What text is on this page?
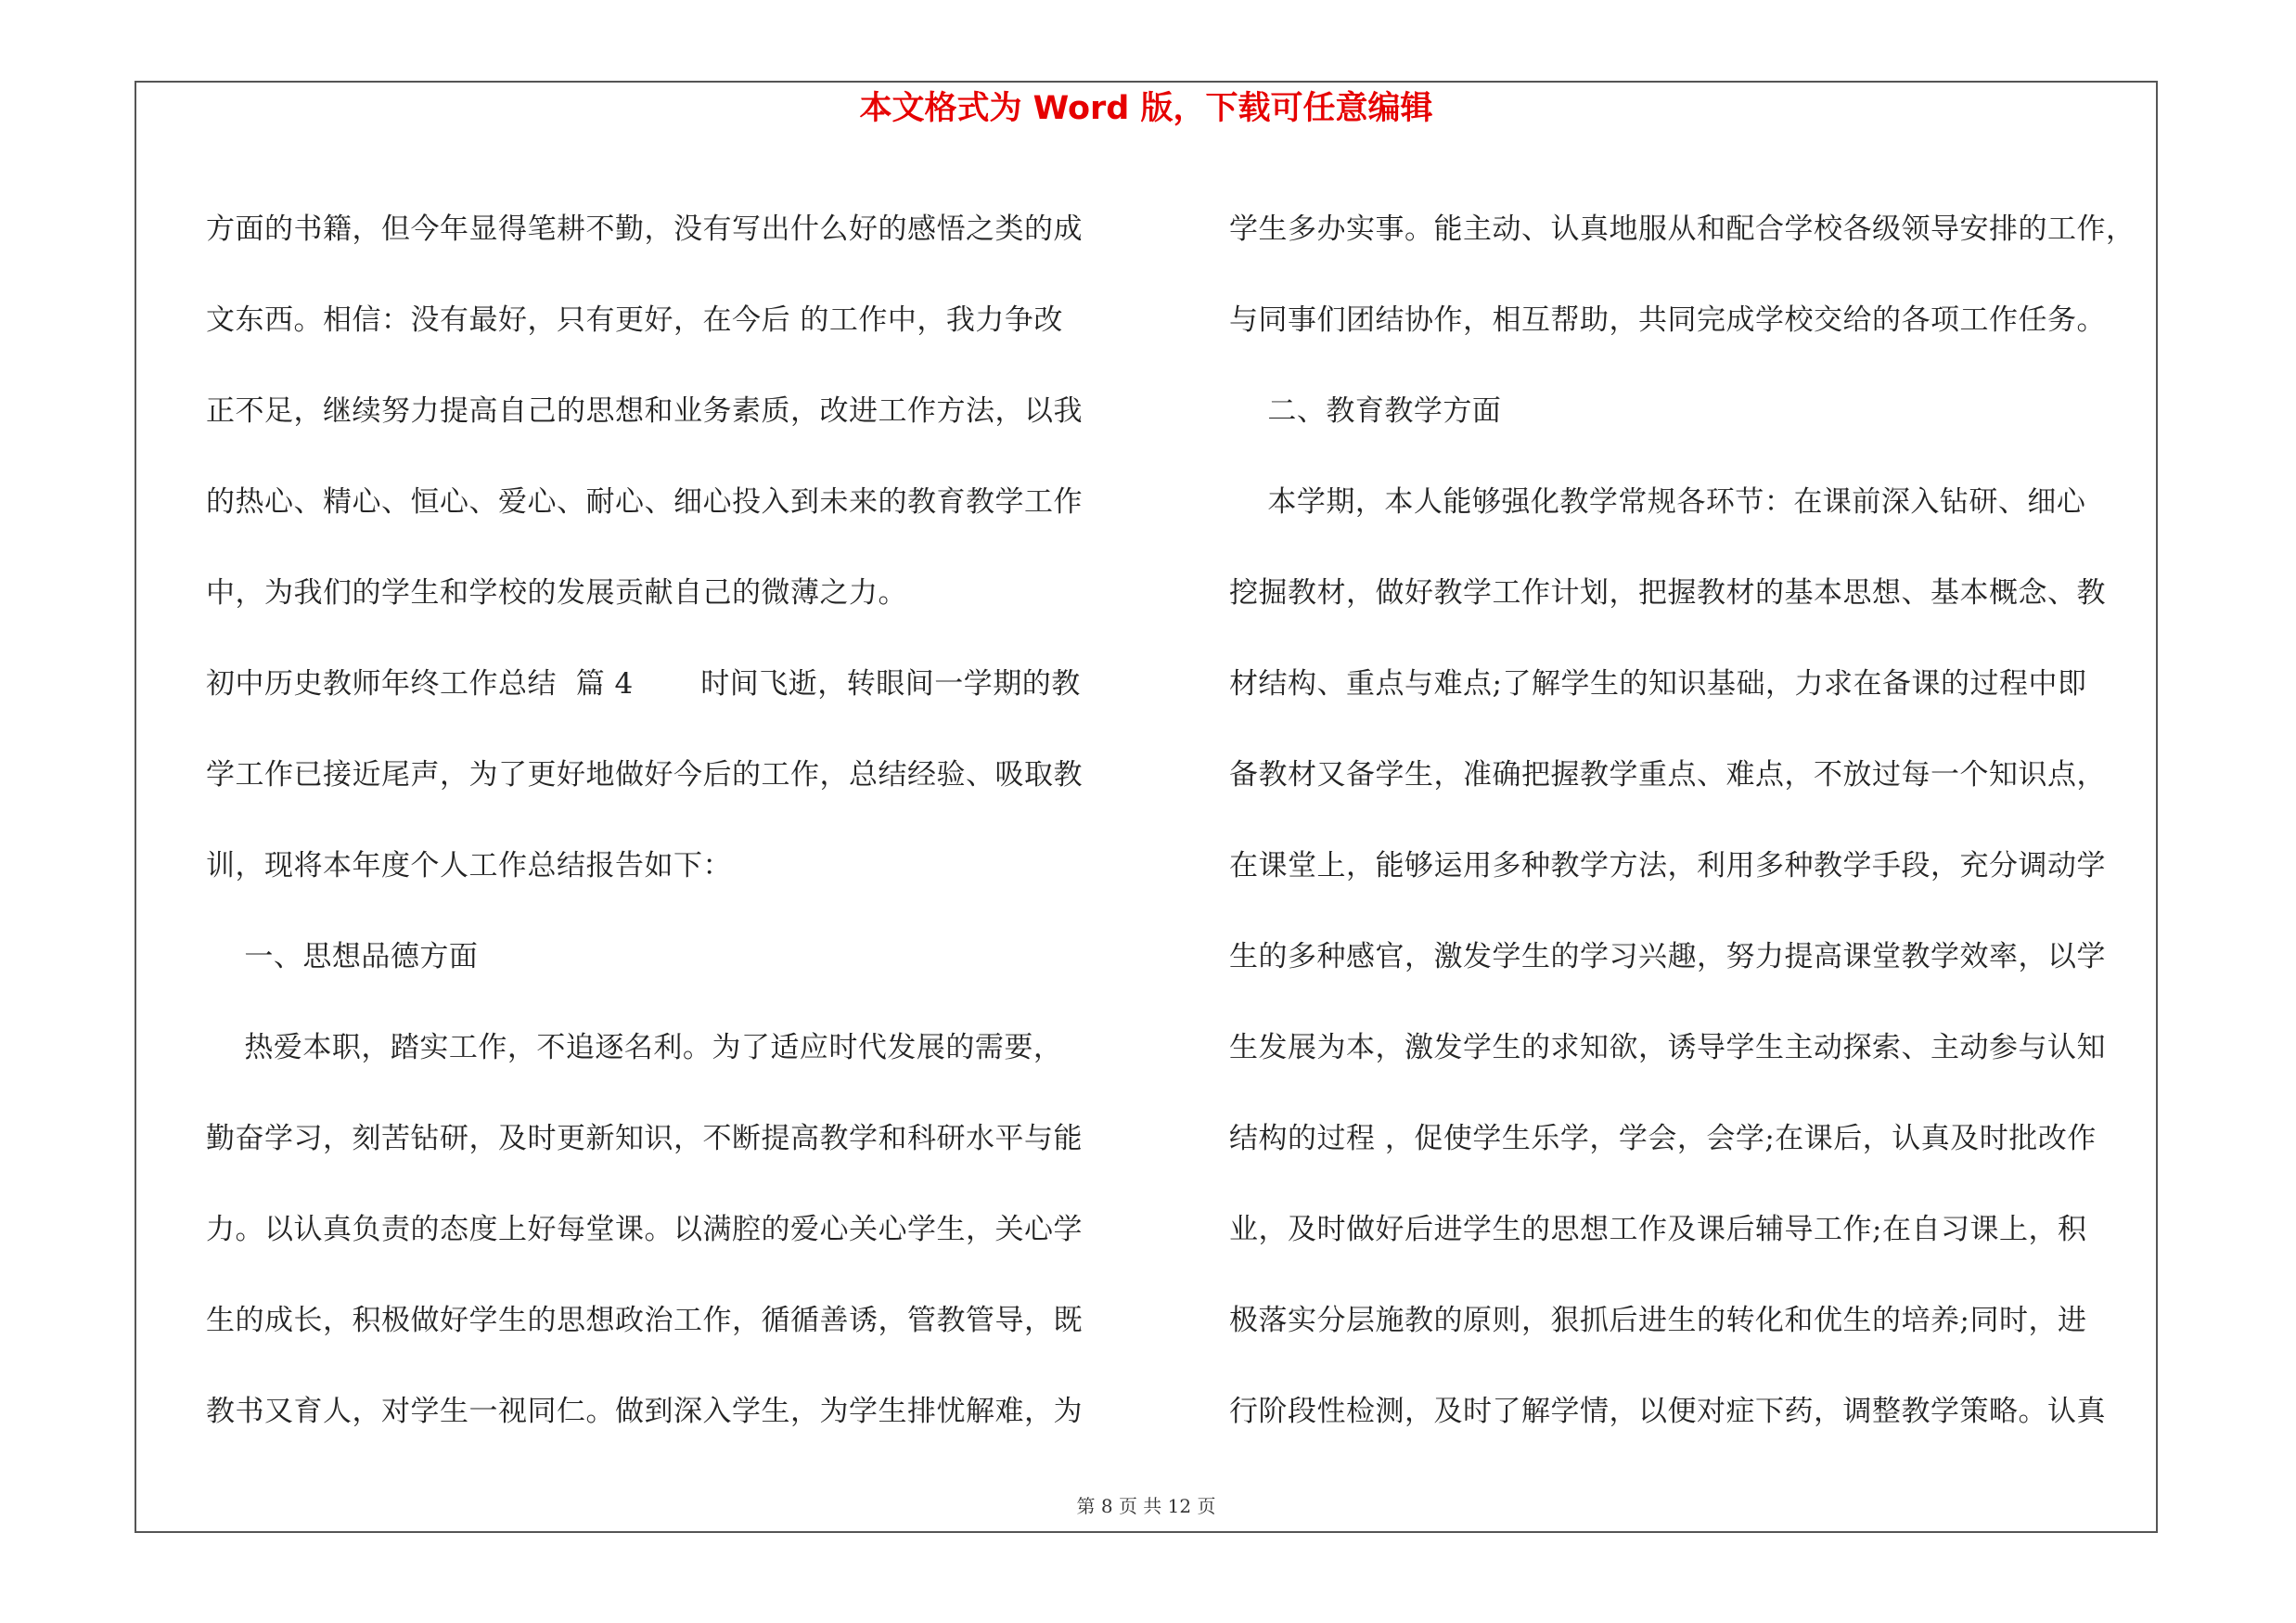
本文格式为 Word 版，下载可任意编辑
方面的书籍，但今年显得笔耕不勤，没有写出什么好的感悟之类的成
文东西。相信：没有最好，只有更好，在今后 的工作中，我力争改
正不足，继续努力提高自己的思想和业务素质，改进工作方法，以我
的热心、精心、恒心、爱心、耐心、细心投入到未来的教育教学工作
中，为我们的学生和学校的发展贡献自己的微薄之力。
初中历史教师年终工作总结  篇 4       时间飞逝，转眼间一学期的教
学工作已接近尾声，为了更好地做好今后的工作，总结经验、吸取教
训，现将本年度个人工作总结报告如下：
一、思想品德方面
热爱本职，踏实工作，不追逐名利。为了适应时代发展的需要，
勤奋学习，刻苦钻研，及时更新知识，不断提高教学和科研水平与能
力。以认真负责的态度上好每堂课。以满腔的爱心关心学生，关心学
生的成长，积极做好学生的思想政治工作，循循善诱，管教管导，既
教书又育人，对学生一视同仁。做到深入学生，为学生排忧解难，为
学生多办实事。能主动、认真地服从和配合学校各级领导安排的工作，
与同事们团结协作，相互帮助，共同完成学校交给的各项工作任务。
二、教育教学方面
本学期，本人能够强化教学常规各环节：在课前深入钻研、细心
挖掘教材，做好教学工作计划，把握教材的基本思想、基本概念、教
材结构、重点与难点;了解学生的知识基础，力求在备课的过程中即
备教材又备学生，准确把握教学重点、难点，不放过每一个知识点，
在课堂上，能够运用多种教学方法，利用多种教学手段，充分调动学
生的多种感官，激发学生的学习兴趣，努力提高课堂教学效率，以学
生发展为本，激发学生的求知欲，诱导学生主动探索、主动参与认知
结构的过程 ，促使学生乐学，学会，会学;在课后，认真及时批改作
业，及时做好后进学生的思想工作及课后辅导工作;在自习课上，积
极落实分层施教的原则，狠抓后进生的转化和优生的培养;同时，进
行阶段性检测，及时了解学情，以便对症下药，调整教学策略。认真
第 8 页 共 12 页
